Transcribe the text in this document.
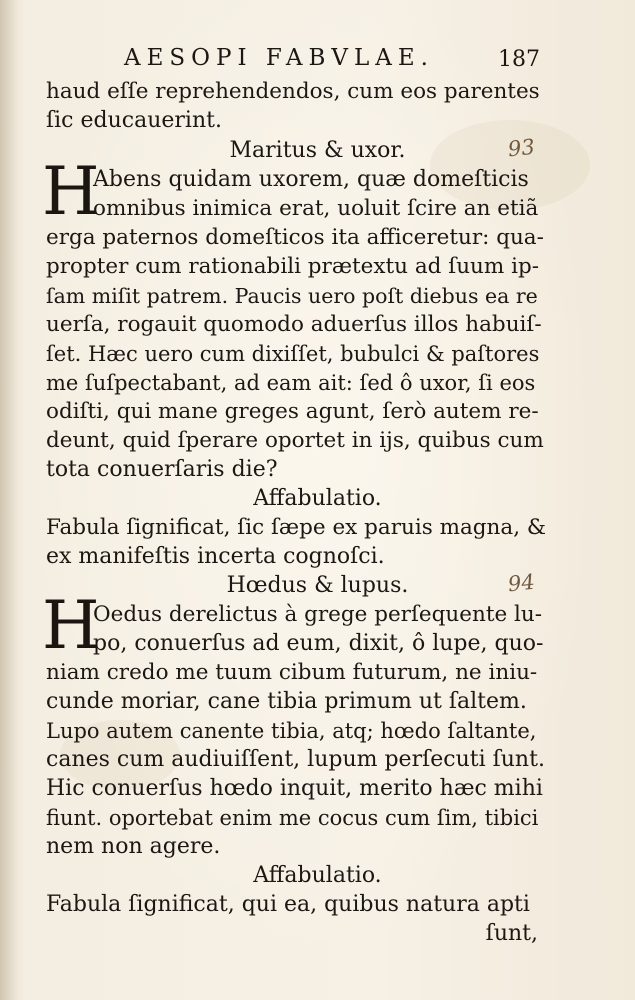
AESOPI FABVLAE.	187
haud eſſe reprehendendos, cum eos parentes
ſic educauerint.
Maritus & uxor.	93
H
Abens quidam uxorem, quæ domeſticis
omnibus inimica erat, uoluit ſcire an etiã
erga paternos domeſticos ita afficeretur: qua-
propter cum rationabili prætextu ad ſuum ip-
ſam miſit patrem. Paucis uero poſt diebus ea re
uerſa, rogauit quomodo aduerſus illos habuiſ-
ſet. Hæc uero cum dixiſſet, bubulci & paſtores
me ſuſpectabant, ad eam ait: ſed ô uxor, ſi eos
odiſti, qui mane greges agunt, ſerò autem re-
deunt, quid ſperare oportet in ijs, quibus cum
tota conuerſaris die?
Affabulatio.
Fabula ſignificat, ſic ſæpe ex paruis magna, &
ex manifeſtis incerta cognoſci.
Hœdus & lupus.	94
H
Oedus derelictus à grege perſequente lu-
po, conuerſus ad eum, dixit, ô lupe, quo-
niam credo me tuum cibum futurum, ne iniu-
cunde moriar, cane tibia primum ut ſaltem.
Lupo autem canente tibia, atq; hœdo ſaltante,
canes cum audiuiſſent, lupum perſecuti ſunt.
Hic conuerſus hœdo inquit, merito hæc mihi
fiunt. oportebat enim me cocus cum ſim, tibici
nem non agere.
Affabulatio.
Fabula ſignificat, qui ea, quibus natura apti
ſunt,
